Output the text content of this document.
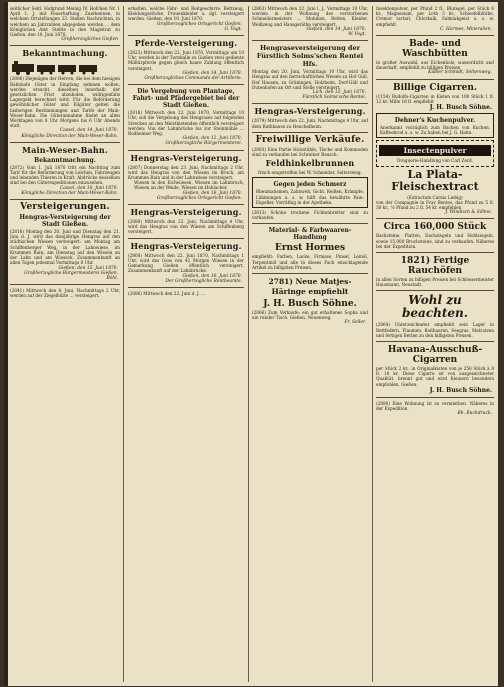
seitlicher Seitl, Hofgrund Meinig IV. Hofchen Nr. 1 April 1. J. mit Feuerhaftung. Zuerkennen, in welchem Ortstellungen 23. Stellen Nachrichten, in welchem an Jahrzahlen abgegeben werden ... dem Königlichen Amt Stellte in den Magistrat zu Gießen, den 10. Juni 1870.

Großherzogliches Gießen

Bekanntmachung.

(2806) Diejenigen der Herren, die bei dem hiesigen Bahnhofe Güter in Empfang nehmen wollen, werden ersucht, dieselben innerhalb der gesetzlichen Frist abzuholen, widrigenfalls Lagergeld berechnet wird. Für die Beförderung gewöhnlicher Güter und Eilgüter gelten die bisherigen Bestimmungen und Tarife der Main-Weser-Bahn. Die Güterannahme findet an allen Werktagen von 8 Uhr Morgens bis 6 Uhr Abends statt.

Cassel, den 14. Juni 1870.
Königliche Direction der Main-Weser-Bahn.

Main-Weser-Bahn.
Bekanntmachung.

(2872) Vom 1. Juli 1870 tritt ein Nachtrag zum Tarif für die Beförderung von Leichen, Fahrzeugen und lebenden Thieren in Kraft. Abdrücke desselben sind bei den Güterexpeditionen einzusehen.

Cassel, den 10. Juni 1870.
Königliche Direction der Main-Weser-Bahn.

Versteigerungen.
Hengras-Versteigerung der Stadt Gießen.

(2816) Montag den 20. Juni und Dienstag den 21. Juni d. J. wird das diesjährige Hengras auf den städtischen Wiesen versteigert: am Montag am Schiffenberger Weg, in der Lahnwiese, im Krummen Rain; am Dienstag auf den Wiesen an der Lahn und am Wieseck. Zusammenkunft an allen Tagen jedesmal Vormittags 8 Uhr.

Gießen, den 15. Juni 1870.
Großherzogliche Bürgermeisterei Gießen.
Böhl.

(2841) Mittwoch den 8. Juni, Nachmittags 2 Uhr, werden auf der Ziegelhütte ... versteigert.

erhalten, welche Fahr- und Reitgeschirre, Bettzeug, Kleidungsstücke, Frauenkleider u. dgl. versteigert werden. Gießen, den 10. Juni 1870.

Großherzogliches Ortsgericht Gießen.
G. Vogt.

Pferde-Versteigerung.

(2823) Mittwoch den 22. Juni 1870, Vormittags um 10 Uhr, werden in der Turnhalle zu Gießen zwei gediente Militärpferde gegen gleich baare Zahlung öffentlich versteigert.

Gießen, den 14. Juni 1870.
Großherzogliches Commando der Artillerie.

Die Vergebung von Plantage, Fahrt- und Pfädergebiet bei der Stadt Gießen.

(2818) Mittwoch den 22. Juni 1870, Vormittags 10 Uhr, soll die Vergebung des Hengrases auf folgenden Strecken an den Meistbietenden öffentlich versteigert werden: Von der Lahnbrücke bis zur Steinmühle ... Rodheimer Weg.

Gießen, den 12. Juni 1870.
Großherzogliche Bürgermeisterei.

Hengras-Versteigerung.

(2807) Donnerstag den 23. Juni, Nachmittags 2 Uhr, wird das Heugras von den Wiesen im Bruch, am Krummen Rain und in der Lahnwiese versteigert.

Wiesen in den Eichwiesen, Wiesen im Lahnbruch, Wiesen an der Weide, Wiesen im Hohlacker.

Gießen, den 16. Juni 1870.
Großherzogliches Ortsgericht Gießen.

Hengras-Versteigerung.

(2880) Mittwoch den 22. Juni, Nachmittags 4 Uhr, wird das Heugras von den Wiesen am Schiffenberg versteigert.

Hengras-Versteigerung.

(2860) Mittwoch den 22. Juni 1870, Nachmittags 1 Uhr, wird das Gras von 42 Morgen Wiesen in der Gemarkung Gießen öffentlich versteigert. Zusammenkunft auf der Lahnbrücke.

Gießen, den 16. Juni 1870.
Der Großherzogliche Rentbeamte.

(2886) Mittwoch den 22. Juni d. J. ...

(2863) Mittwoch den 22. Juni l. J., Vormittags 10 Uhr, werden in der Wohnung des verstorbenen Schneidermeisters ... Mobilien, Betten, Kleider, Weißzeug und Hausgeräthe versteigert.

Gießen, den 14. Juni 1870.
W. Vogt.

Hengraseversteigerung der Fürstlich Solms'schen Rentei Hfs.

Montag den 20. Juni, Vormittags 10 Uhr, wird das Hengras auf den herrschaftlichen Wiesen zu Hof Güll, Hof Hausen, zu Grüningen, Holzheim, Dorf-Güll und Dutenhofen an Ort und Stelle versteigert.

Lich, den 12. Juni 1870.
Fürstlich Solms'sche Rentei.

Hengras-Versteigerung.

(2879) Mittwoch den 22. Juni, Nachmittags 4 Uhr, auf dem Rathhause zu Heuchelheim.

Freiwillige Verkäufe.

(2883) Eine Partie Holzstühle, Tische und Kommoden sind zu verkaufen bei Schreiner Bausch.

Feldhinkelbrunnen

frisch eingetroffen bei W. Schneider, Seltersweg.

Gegen jeden Schmerz

Rheumatismen, Zahnweh, Gicht, Reißen, Krämpfe, Lähmungen u. s. w. hilft das bewährte Pain-Expeller. Vorräthig in der Apotheke.

(2813) Schöne trockene Fichtenbretter sind zu verkaufen.

Material- & Farbwaaren-Handlung
Ernst Hormes

empfiehlt: Farben, Lacke, Firnisse, Pinsel, Leinöl, Terpentinöl und alle in dieses Fach einschlagende Artikel zu billigsten Preisen.

2781) Neue Matjes-Häringe empfiehlt
J. H. Busch Söhne.

(2866) Zum Verkaufe: ein gut erhaltenes Sopha und ein runder Tisch. Gießen, Neuenweg.

Fr. Seller.

Insektenpulver, per Pfund 2 fl., Blutegel, per Stück 6 kr., Magnesium, per Loth 3 kr., Schwefelblüthe, Cremor tartari, Chlorkalk, Salmiakgeist u. s. w. empfiehlt

C. Hormes, Mineralien.

Bade- und Waschbütten

in großer Auswahl, aus Eichenholz, wasserdicht und dauerhaft, empfiehlt zu billigen Preisen

Kübler Schmidt, Seltersweg.

Billige Cigarren.

(1154) Rudolfo-Cigarren in Kisten von 100 Stück 1 fl. 12 kr. Mille 16 fl. empfiehlt

J. H. Busch Söhne.

Dehner's Kuchenpulver.

Anerkannt vorzüglich zum Backen von Kuchen, Kaffeebrod u. s. w. Zu haben bei J. G. Hahn.

Insectenpulver

Droguerie-Handlung von Carl Zerd.

La Plata-Fleischextract

(Extractum Carnis Liebig)

von der Compagnie in Fray Bentos, das Pfund zu 5 fl. 30 kr., ½ Pfund zu 2 fl. 54 kr. empfehlen

J. Windisch & Söhne.

Circa 160,000 Stück

Backsteine, Platten, Dachziegeln und Hohlziegeln, sowie 15,000 Bruchsteine, sind zu verkaufen. Näheres bei der Expedition.

1821) Fertige Rauchöfen

in allen Sorten zu billigen Preisen bei Schlossermeister Hausmann, Neustadt.

Wohl zu beachten.

(2864) Unterzeichneter empfiehlt sein Lager in Bettfedern, Flaumen, Roßhaaren, Seegras, Matratzen und fertigen Betten zu den billigsten Preisen.

Havana-Ausschuß-Cigarren

per Stück 2 kr., in Originalkisten von je 250 Stück à 8 fl. 18 kr. Diese Cigarre ist von ausgezeichneter Qualität, brennt gut und wird Kennern besonders empfohlen. Gießen.

J. H. Busch Söhne.

(2890) Eine Wohnung ist zu vermiethen. Näheres in der Expedition.

Bh. Buchdruck.
